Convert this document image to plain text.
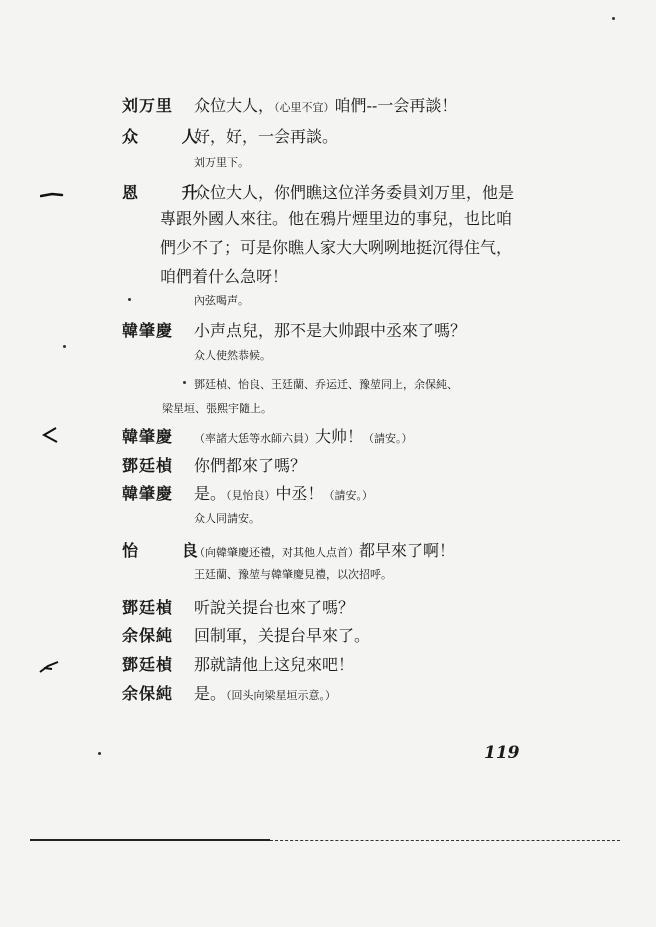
刘万里 众位大人，（心里不宜）咱們--一会再談！
众 人
好，好，一会再談。
刘万里下。
恩 升
众位大人，你們瞧这位洋务委員刘万里，他是
專跟外國人來往。他在鴉片煙里边的事兒，也比咱
們少不了；可是你瞧人家大大咧咧地挺沉得住气，
咱們着什么急呀！
內弦喝声。
韓肇慶 小声点兒，那不是大帅跟中丞來了嗎？
众人使然恭候。
鄧廷楨、怡良、王廷蘭、乔运迁、豫堃同上，余保純、
梁星垣、張熙宇隨上。
韓肇慶 （率諸大恁等水師六員）大帅！（請安。）
鄧廷楨 你們都來了嗎？
韓肇慶 是。（見怡良）中丞！（請安。）
众人同請安。
怡 良
（向韓肇慶还禮，对其他人点首）都早來了啊！
王廷蘭、豫堃与韓肇慶見禮，以次招呼。
鄧廷楨 听說关提台也來了嗎？
余保純 回制軍，关提台早來了。
鄧廷楨 那就請他上这兒來吧！
余保純 是。（回头向梁星垣示意。）
119
